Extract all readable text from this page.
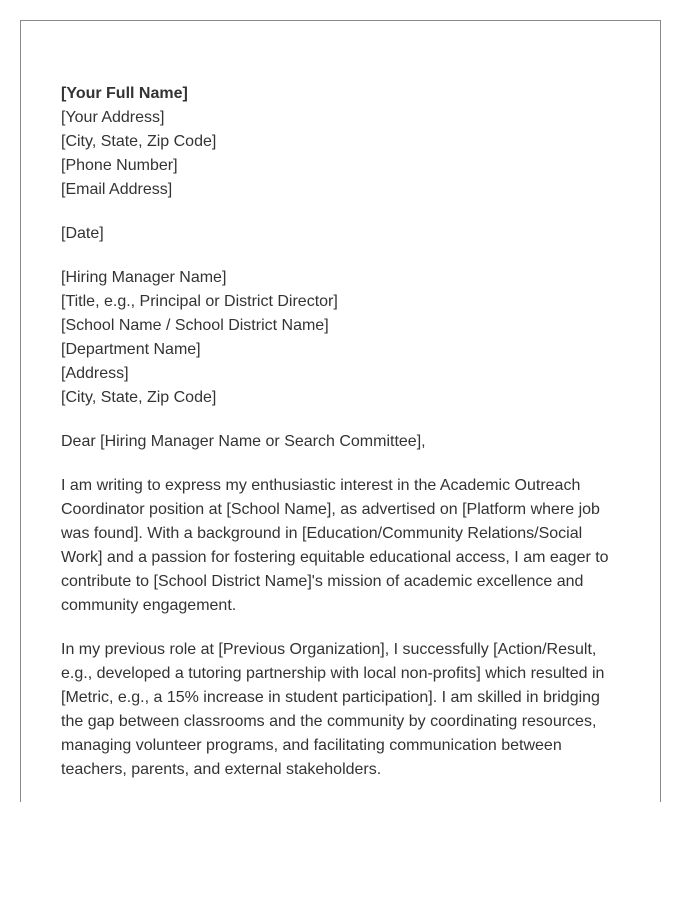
[Your Full Name]
[Your Address]
[City, State, Zip Code]
[Phone Number]
[Email Address]
[Date]
[Hiring Manager Name]
[Title, e.g., Principal or District Director]
[School Name / School District Name]
[Department Name]
[Address]
[City, State, Zip Code]
Dear [Hiring Manager Name or Search Committee],

I am writing to express my enthusiastic interest in the Academic Outreach Coordinator position at [School Name], as advertised on [Platform where job was found]. With a background in [Education/Community Relations/Social Work] and a passion for fostering equitable educational access, I am eager to contribute to [School District Name]'s mission of academic excellence and community engagement.

In my previous role at [Previous Organization], I successfully [Action/Result, e.g., developed a tutoring partnership with local non-profits] which resulted in [Metric, e.g., a 15% increase in student participation]. I am skilled in bridging the gap between classrooms and the community by coordinating resources, managing volunteer programs, and facilitating communication between teachers, parents, and external stakeholders.
